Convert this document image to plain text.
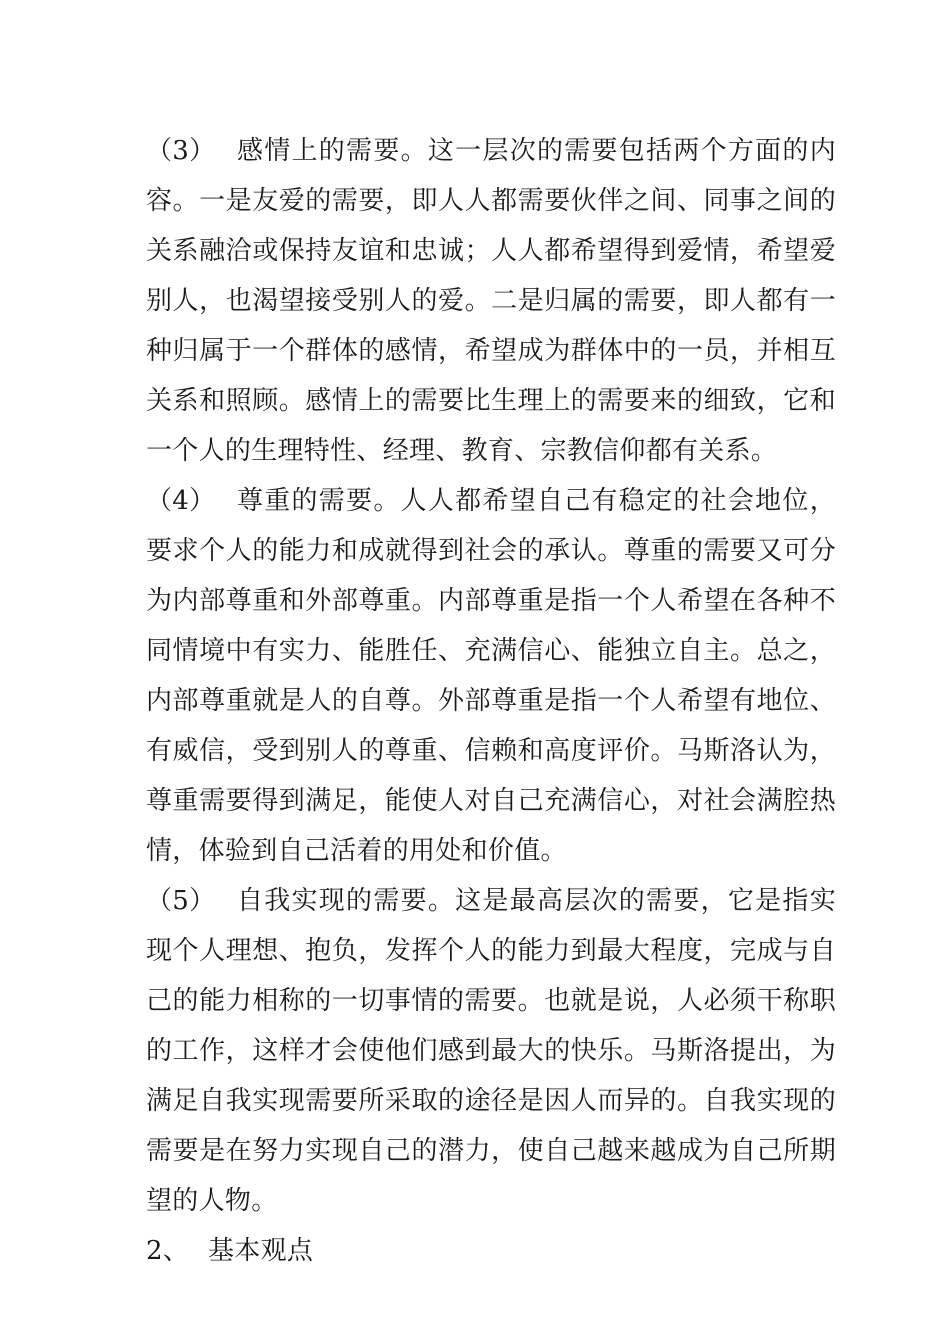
（3） 感情上的需要。这一层次的需要包括两个方面的内容。一是友爱的需要，即人人都需要伙伴之间、同事之间的关系融洽或保持友谊和忠诚；人人都希望得到爱情，希望爱别人，也渴望接受别人的爱。二是归属的需要，即人都有一种归属于一个群体的感情，希望成为群体中的一员，并相互关系和照顾。感情上的需要比生理上的需要来的细致，它和一个人的生理特性、经理、教育、宗教信仰都有关系。

（4） 尊重的需要。人人都希望自己有稳定的社会地位，要求个人的能力和成就得到社会的承认。尊重的需要又可分为内部尊重和外部尊重。内部尊重是指一个人希望在各种不同情境中有实力、能胜任、充满信心、能独立自主。总之，内部尊重就是人的自尊。外部尊重是指一个人希望有地位、有威信，受到别人的尊重、信赖和高度评价。马斯洛认为，尊重需要得到满足，能使人对自己充满信心，对社会满腔热情，体验到自己活着的用处和价值。

（5） 自我实现的需要。这是最高层次的需要，它是指实现个人理想、抱负，发挥个人的能力到最大程度，完成与自己的能力相称的一切事情的需要。也就是说，人必须干称职的工作，这样才会使他们感到最大的快乐。马斯洛提出，为满足自我实现需要所采取的途径是因人而异的。自我实现的需要是在努力实现自己的潜力，使自己越来越成为自己所期望的人物。

2、 基本观点
